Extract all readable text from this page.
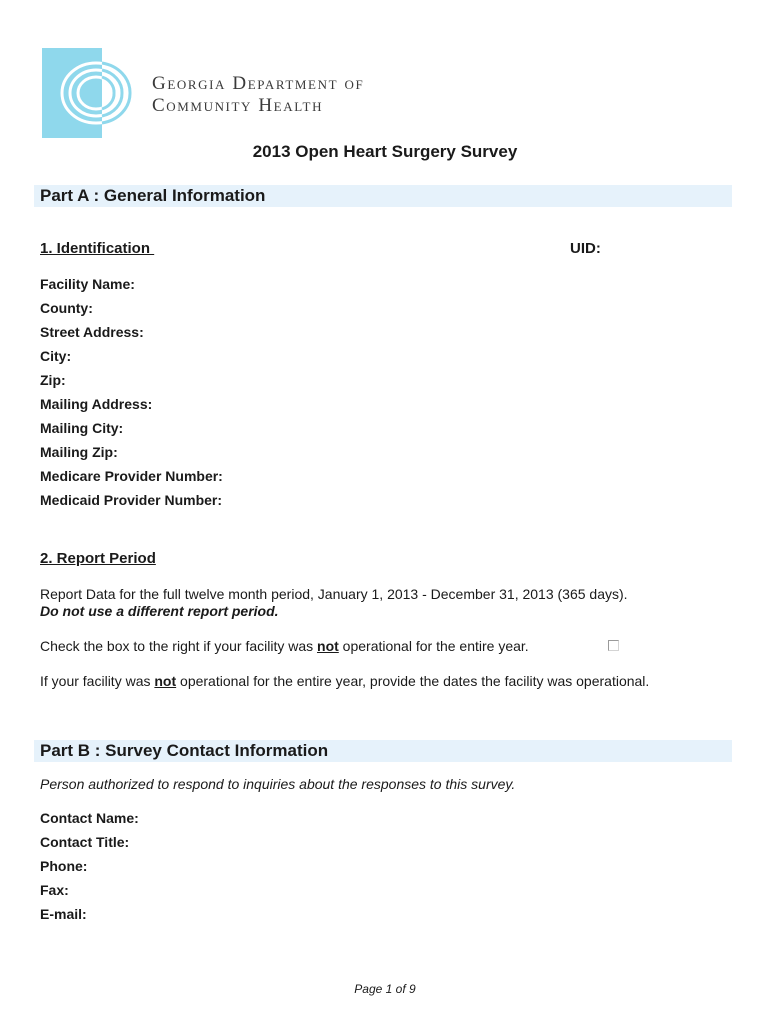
Georgia Department of
Community Health
2013 Open Heart Surgery Survey
Part A : General Information
1. Identification	UID:
Facility Name:
County:
Street Address:
City:
Zip:
Mailing Address:
Mailing City:
Mailing Zip:
Medicare Provider Number:
Medicaid Provider Number:
2. Report Period
Report Data for the full twelve month period, January 1, 2013 - December 31, 2013 (365 days).
Do not use a different report period.
Check the box to the right if your facility was not operational for the entire year.
If your facility was not operational for the entire year, provide the dates the facility was operational.
Part B : Survey Contact Information
Person authorized to respond to inquiries about the responses to this survey.
Contact Name:
Contact Title:
Phone:
Fax:
E-mail:
Page 1 of 9
